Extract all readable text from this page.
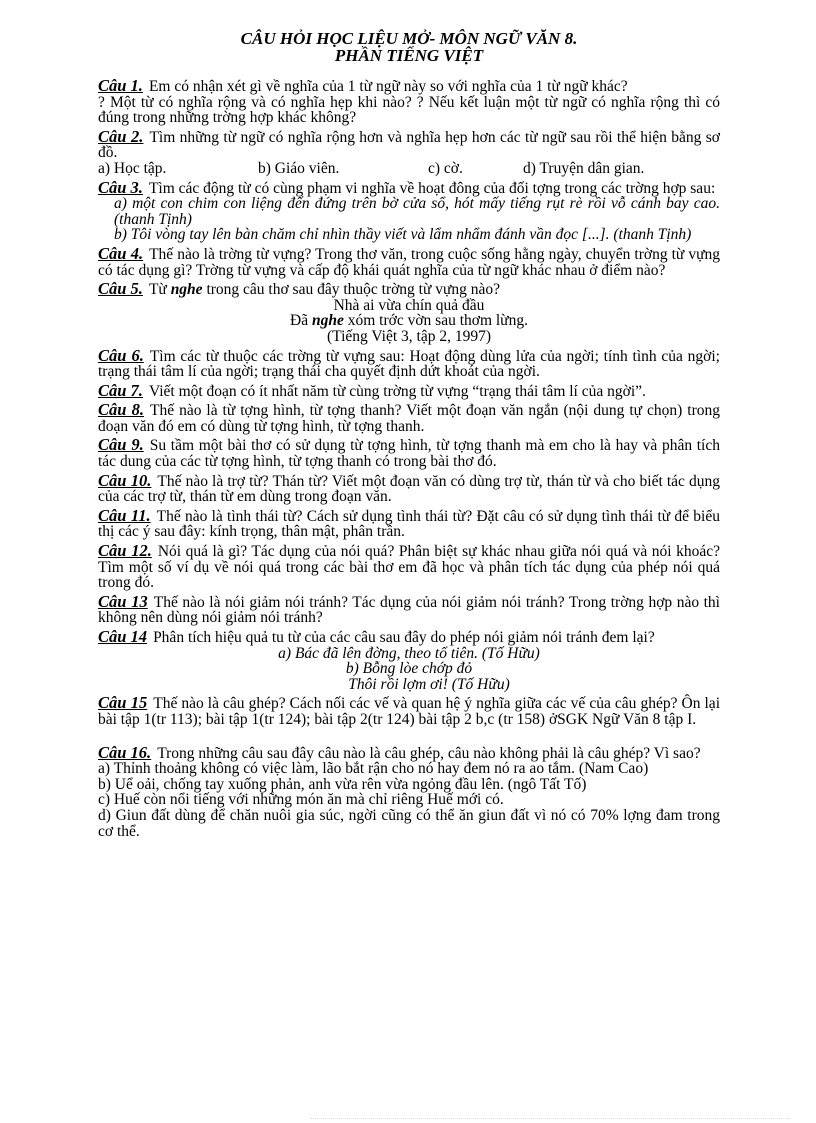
CÂU HỎI HỌC LIỆU MỞ- MÔN NGỮ VĂN 8.

PHẦN TIẾNG VIỆT

Câu 1. Em có nhận xét gì về nghĩa của 1 từ ngữ này so với nghĩa của 1 từ ngữ khác?

? Một từ có nghĩa rộng và có nghĩa hẹp khi nào? ? Nếu kết luận một từ ngữ có nghĩa rộng thì có đúng trong những trờng hợp khác không?

Câu 2. Tìm những từ ngữ có nghĩa rộng hơn và nghĩa hẹp hơn các từ ngữ sau rồi thể hiện bằng sơ đồ.

a) Học tập.	b) Giáo viên.	c) cờ.	d) Truyện dân gian.

Câu 3. Tìm các động từ có cùng phạm vi nghĩa về hoạt đông của đối tợng trong các trờng hợp sau:

a) một con chim con liệng đến đứng trên bờ cửa sổ, hót mấy tiếng rụt rè rồi vỗ cánh bay cao. (thanh Tịnh)

b) Tôi vòng tay lên bàn chăm chỉ nhìn thầy viết và lẩm nhẩm đánh vần đọc [...]. (thanh Tịnh)

Câu 4. Thế nào là trờng từ vựng? Trong thơ văn, trong cuộc sống hằng ngày, chuyển trờng từ vựng có tác dụng gì? Trờng từ vựng và cấp độ khái quát nghĩa của từ ngữ khác nhau ở điểm nào?

Câu 5. Từ nghe trong câu thơ sau đây thuộc trờng từ vựng nào?

Nhà ai vừa chín quả đầu

Đã nghe xóm trớc vờn sau thơm lừng.

(Tiếng Việt 3, tập 2, 1997)

Câu 6. Tìm các từ thuộc các trờng từ vựng sau: Hoạt động dùng lửa của ngời; tính tình của ngời; trạng thái tâm lí của ngời; trạng thái cha quyết định dứt khoát của ngời.

Câu 7. Viết một đoạn có ít nhất năm từ cùng trờng từ vựng “trạng thái tâm lí của ngời”.

Câu 8. Thế nào là từ tợng hình, từ tợng thanh? Viết một đoạn văn ngắn (nội dung tự chọn) trong đoạn văn đó em có dùng từ tợng hình, từ tợng thanh.

Câu 9. Su tầm một bài thơ có sử dụng từ tợng hình, từ tợng thanh mà em cho là hay và phân tích tác dung của các từ tợng hình, từ tợng thanh có trong bài thơ đó.

Câu 10. Thế nào là trợ từ? Thán từ? Viết một đoạn văn có dùng trợ từ, thán từ và cho biết tác dụng của các trợ từ, thán từ em dùng trong đoạn văn.

Câu 11. Thế nào là tình thái từ? Cách sử dụng tình thái từ? Đặt câu có sử dụng tình thái từ để biểu thị các ý sau đây: kính trọng, thân mật, phân trần.

Câu 12. Nói quá là gì? Tác dụng của nói quá? Phân biệt sự khác nhau giữa nói quá và nói khoác? Tìm một số ví dụ về nói quá trong các bài thơ em đã học và phân tích tác dụng của phép nói quá trong đó.

Câu 13 Thế nào là nói giảm nói tránh? Tác dụng của nói giảm nói tránh? Trong trờng hợp nào thì không nên dùng nói giảm nói tránh?

Câu 14 Phân tích hiệu quả tu từ của các câu sau đây do phép nói giảm nói tránh đem lại?

a) Bác đã lên đờng, theo tổ tiên. (Tố Hữu)

b) Bỗng lòe chớp đỏ

Thôi rồi lợm ơi! (Tố Hữu)

Câu 15 Thế nào là câu ghép? Cách nối các vế và quan hệ ý nghĩa giữa các vế của câu ghép? Ôn lại bài tập 1(tr 113); bài tập 1(tr 124); bài tập 2(tr 124) bài tập 2 b,c (tr 158) ởSGK Ngữ Văn 8 tập I.

Câu 16. Trong những câu sau đây câu nào là câu ghép, câu nào không phải là câu ghép? Vì sao?

a) Thỉnh thoảng không có việc làm, lão bắt rận cho nó hay đem nó ra ao tắm. (Nam Cao)

b) Uể oải, chống tay xuống phản, anh vừa rên vừa ngỏng đầu lên. (ngô Tất Tố)

c) Huế còn nổi tiếng với những món ăn mà chỉ riêng Huế mới có.

d) Giun đất dùng để chăn nuôi gia súc, ngời cũng có thể ăn giun đất vì nó có 70% lợng đam trong cơ thể.
